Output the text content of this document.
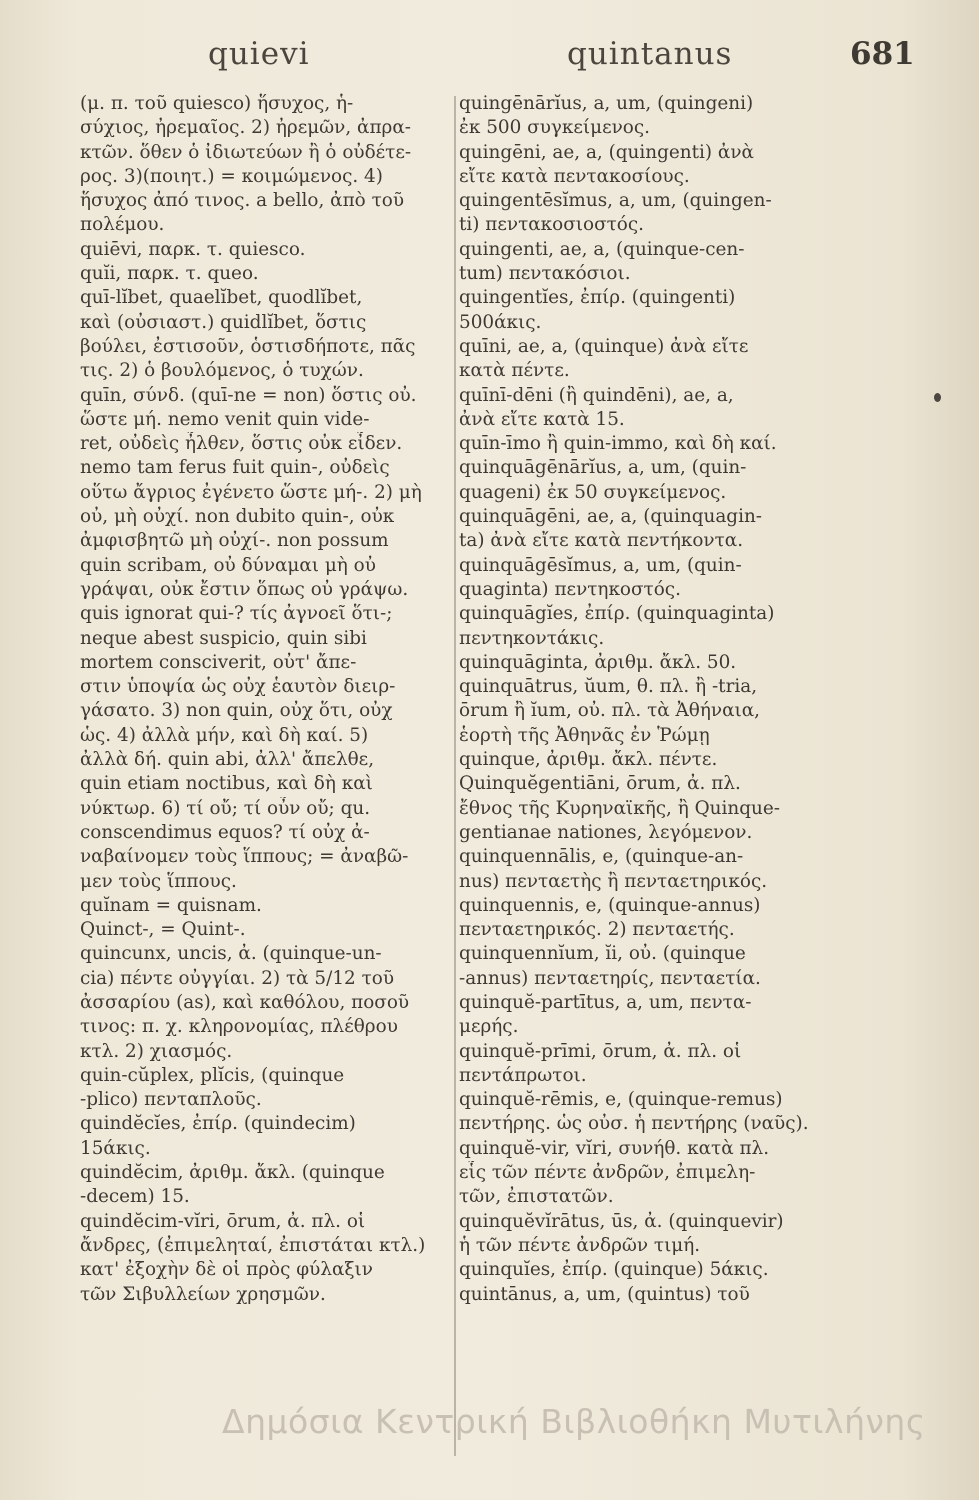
quievi	quintanus	681
(μ. π. τοῦ quiesco) ἥσυχος, ἡ-
σύχιος, ἠρεμαῖος. 2) ἠρεμῶν, ἀπρα-
κτῶν. ὅθεν ὁ ἰδιωτεύων ἢ ὁ οὐδέτε-
ρος. 3)(ποιητ.) = κοιμώμενος. 4)
ἥσυχος ἀπό τινος. a bello, ἀπὸ τοῦ
πολέμου.
quiēvi, παρκ. τ. quiesco.
quĭi, παρκ. τ. queo.
quī-lĭbet, quaelĭbet, quodlĭbet,
καὶ (οὐσιαστ.) quidlĭbet, ὅστις
βούλει, ἐστισοῦν, ὁστισδήποτε, πᾶς
τις. 2) ὁ βουλόμενος, ὁ τυχών.
quīn, σύνδ. (quī-ne = non) ὅστις οὐ.
ὥστε μή. nemo venit quin vide-
ret, οὐδεὶς ἦλθεν, ὅστις οὐκ εἶδεν.
nemo tam ferus fuit quin-, οὐδεὶς
οὕτω ἄγριος ἐγένετο ὥστε μή-. 2) μὴ
οὐ, μὴ οὐχί. non dubito quin-, οὐκ
ἀμφισβητῶ μὴ οὐχί-. non possum
quin scribam, οὐ δύναμαι μὴ οὐ
γράψαι, οὐκ ἔστιν ὅπως οὐ γράψω.
quis ignorat qui-? τίς ἀγνοεῖ ὅτι-;
neque abest suspicio, quin sibi
mortem consciverit, οὐτ' ἄπε-
στιν ὑποψία ὡς οὐχ ἑαυτὸν διειρ-
γάσατο. 3) non quin, οὐχ ὅτι, οὐχ
ὡς. 4) ἀλλὰ μήν, καὶ δὴ καί. 5)
ἀλλὰ δή. quin abi, ἀλλ' ἄπελθε,
quin etiam noctibus, καὶ δὴ καὶ
νύκτωρ. 6) τί οὔ; τί οὖν οὔ; qu.
conscendimus equos? τί οὐχ ἀ-
ναβαίνομεν τοὺς ἵππους; = ἀναβῶ-
μεν τοὺς ἵππους.
quĭnam = quisnam.
Quinct-, = Quint-.
quincunx, uncis, ἀ. (quinque-un-
cia) πέντε οὐγγίαι. 2) τὰ 5/12 τοῦ
ἀσσαρίου (as), καὶ καθόλου, ποσοῦ
τινος: π. χ. κληρονομίας, πλέθρου
κτλ. 2) χιασμός.
quin-cŭplex, plĭcis, (quinque
-plico) πενταπλοῦς.
quindĕcĭes, ἐπίρ. (quindecim)
15άκις.
quindĕcim, ἀριθμ. ἄκλ. (quinque
-decem) 15.
quindĕcim-vĭri, ōrum, ἀ. πλ. οἱ
ἄνδρες, (ἐπιμεληταί, ἐπιστάται κτλ.)
κατ' ἐξοχὴν δὲ οἱ πρὸς φύλαξιν
τῶν Σιβυλλείων χρησμῶν.
quingēnārĭus, a, um, (quingeni)
ἐκ 500 συγκείμενος.
quingēni, ae, a, (quingenti) ἀνὰ
εἴτε κατὰ πεντακοσίους.
quingentēsĭmus, a, um, (quingen-
ti) πεντακοσιοστός.
quingenti, ae, a, (quinque-cen-
tum) πεντακόσιοι.
quingentĭes, ἐπίρ. (quingenti)
500άκις.
quīni, ae, a, (quinque) ἀνὰ εἴτε
κατὰ πέντε.
quīnī-dēni (ἢ quindēni), ae, a,
ἀνὰ εἴτε κατὰ 15.
quīn-īmo ἢ quin-immo, καὶ δὴ καί.
quinquāgēnārĭus, a, um, (quin-
quageni) ἐκ 50 συγκείμενος.
quinquāgēni, ae, a, (quinquagin-
ta) ἀνὰ εἴτε κατὰ πεντήκοντα.
quinquāgēsĭmus, a, um, (quin-
quaginta) πεντηκοστός.
quinquāgĭes, ἐπίρ. (quinquaginta)
πεντηκοντάκις.
quinquāginta, ἀριθμ. ἄκλ. 50.
quinquātrus, ŭum, θ. πλ. ἢ -tria,
ōrum ἢ ĭum, οὐ. πλ. τὰ Ἀθήναια,
ἑορτὴ τῆς Ἀθηνᾶς ἐν Ῥώμῃ
quinque, ἀριθμ. ἄκλ. πέντε.
Quinquĕgentiāni, ōrum, ἀ. πλ.
ἔθνος τῆς Κυρηναϊκῆς, ἢ Quinque-
gentianae nationes, λεγόμενον.
quinquennālis, e, (quinque-an-
nus) πενταετὴς ἢ πενταετηρικός.
quinquennis, e, (quinque-annus)
πενταετηρικός. 2) πενταετής.
quinquennĭum, ĭi, οὐ. (quinque
-annus) πενταετηρίς, πενταετία.
quinquĕ-partītus, a, um, πεντα-
μερής.
quinquĕ-prīmi, ōrum, ἀ. πλ. οἱ
πεντάπρωτοι.
quinquĕ-rēmis, e, (quinque-remus)
πεντήρης. ὡς οὐσ. ἡ πεντήρης (ναῦς).
quinquĕ-vir, vĭri, συνήθ. κατὰ πλ.
εἷς τῶν πέντε ἀνδρῶν, ἐπιμελη-
τῶν, ἐπιστατῶν.
quinquĕvĭrātus, ūs, ἀ. (quinquevir)
ἡ τῶν πέντε ἀνδρῶν τιμή.
quinquĭes, ἐπίρ. (quinque) 5άκις.
quintānus, a, um, (quintus) τοῦ
Δημόσια Κεντρική Βιβλιοθήκη Μυτιλήνης
